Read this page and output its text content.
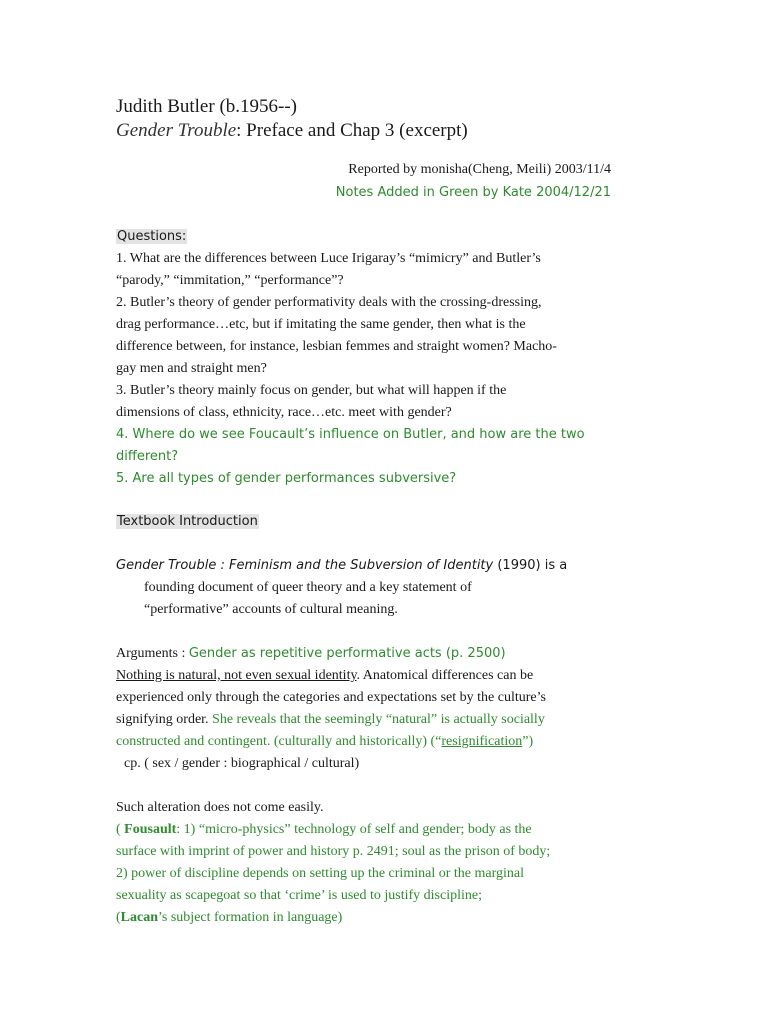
Judith Butler (b.1956--)
Gender Trouble: Preface and Chap 3 (excerpt)
Reported by monisha(Cheng, Meili) 2003/11/4
Notes Added in Green by Kate 2004/12/21
Questions:
1. What are the differences between Luce Irigaray’s “mimicry” and Butler’s
“parody,” “immitation,” “performance”?
2. Butler’s theory of gender performativity deals with the crossing-dressing,
drag performance…etc, but if imitating the same gender, then what is the
difference between, for instance, lesbian femmes and straight women? Macho-
gay men and straight men?
3. Butler’s theory mainly focus on gender, but what will happen if the
dimensions of class, ethnicity, race…etc. meet with gender?
4. Where do we see Foucault’s influence on Butler, and how are the two
different?
5. Are all types of gender performances subversive?
Textbook Introduction
Gender Trouble : Feminism and the Subversion of Identity (1990) is a
founding document of queer theory and a key statement of
“performative” accounts of cultural meaning.
Arguments : Gender as repetitive performative acts (p. 2500)
Nothing is natural, not even sexual identity. Anatomical differences can be
experienced only through the categories and expectations set by the culture’s
signifying order. She reveals that the seemingly “natural” is actually socially
constructed and contingent. (culturally and historically) (“resignification”)
cp. ( sex / gender : biographical / cultural)
Such alteration does not come easily.
( Fousault: 1) “micro-physics” technology of self and gender; body as the
surface with imprint of power and history p. 2491; soul as the prison of body;
2) power of discipline depends on setting up the criminal or the marginal
sexuality as scapegoat so that ‘crime’ is used to justify discipline;
(Lacan’s subject formation in language)
